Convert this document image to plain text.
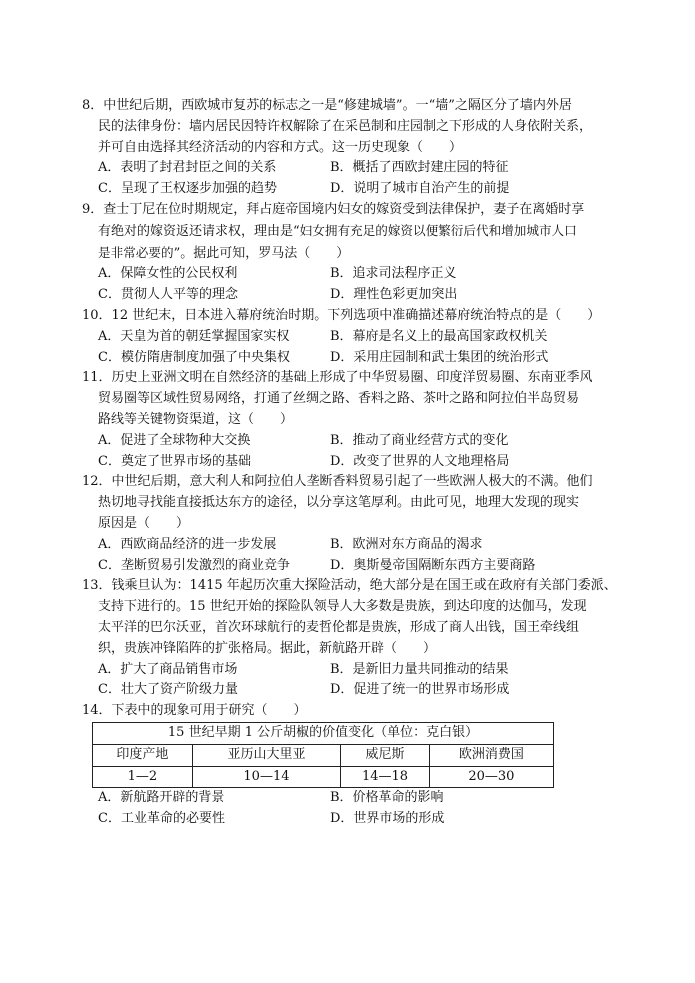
8．中世纪后期，西欧城市复苏的标志之一是“修建城墙”。一“墙”之隔区分了墙内外居
民的法律身份：墙内居民因特许权解除了在采邑制和庄园制之下形成的人身依附关系，
并可自由选择其经济活动的内容和方式。这一历史现象（　　）
A．表明了封君封臣之间的关系	B．概括了西欧封建庄园的特征
C．呈现了王权逐步加强的趋势	D．说明了城市自治产生的前提
9．查士丁尼在位时期规定，拜占庭帝国境内妇女的嫁资受到法律保护，妻子在离婚时享
有绝对的嫁资返还请求权，理由是“妇女拥有充足的嫁资以便繁衍后代和增加城市人口
是非常必要的”。据此可知，罗马法（　　）
A．保障女性的公民权利	B．追求司法程序正义
C．贯彻人人平等的理念	D．理性色彩更加突出
10．12 世纪末，日本进入幕府统治时期。下列选项中准确描述幕府统治特点的是（　　）
A．天皇为首的朝廷掌握国家实权	B．幕府是名义上的最高国家政权机关
C．模仿隋唐制度加强了中央集权	D．采用庄园制和武士集团的统治形式
11．历史上亚洲文明在自然经济的基础上形成了中华贸易圈、印度洋贸易圈、东南亚季风
贸易圈等区域性贸易网络，打通了丝绸之路、香料之路、茶叶之路和阿拉伯半岛贸易
路线等关键物资渠道，这（　　）
A．促进了全球物种大交换	B．推动了商业经营方式的变化
C．奠定了世界市场的基础	D．改变了世界的人文地理格局
12．中世纪后期，意大利人和阿拉伯人垄断香料贸易引起了一些欧洲人极大的不满。他们
热切地寻找能直接抵达东方的途径，以分享这笔厚利。由此可见，地理大发现的现实
原因是（　　）
A．西欧商品经济的进一步发展	B．欧洲对东方商品的渴求
C．垄断贸易引发激烈的商业竞争	D．奥斯曼帝国隔断东西方主要商路
13．钱乘旦认为：1415 年起历次重大探险活动，绝大部分是在国王或在政府有关部门委派、
支持下进行的。15 世纪开始的探险队领导人大多数是贵族，到达印度的达伽马，发现
太平洋的巴尔沃亚，首次环球航行的麦哲伦都是贵族，形成了商人出钱，国王牵线组
织，贵族冲锋陷阵的扩张格局。据此，新航路开辟（　　）
A．扩大了商品销售市场	B．是新旧力量共同推动的结果
C．壮大了资产阶级力量	D．促进了统一的世界市场形成
14．下表中的现象可用于研究（　　）
15 世纪早期 1 公斤胡椒的价值变化（单位：克白银）			
印度产地	亚历山大里亚	威尼斯	欧洲消费国
1—2	10—14	14—18	20—30
A．新航路开辟的背景	B．价格革命的影响
C．工业革命的必要性	D．世界市场的形成
